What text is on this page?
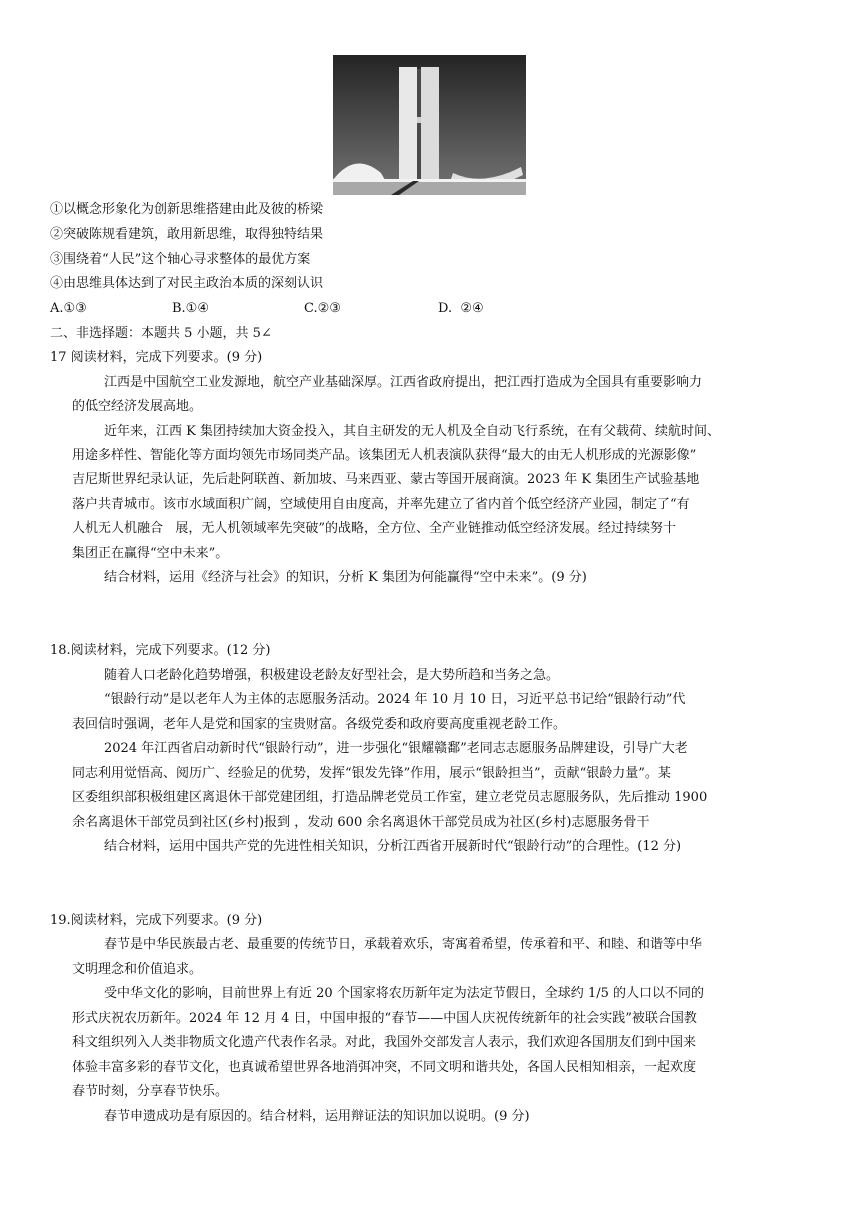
①以概念形象化为创新思维搭建由此及彼的桥梁
②突破陈规看建筑，敢用新思维，取得独特结果
③围绕着“人民”这个轴心寻求整体的最优方案
④由思维具体达到了对民主政治本质的深刻认识
A.①③	B.①④	C.②③	D.  ②④
二、非选择题：本题共 5 小题，共 5∠
17 阅读材料，完成下列要求。(9 分)
江西是中国航空工业发源地，航空产业基础深厚。江西省政府提出，把江西打造成为全国具有重要影响力
的低空经济发展高地。
近年来，江西 K 集团持续加大资金投入，其自主研发的无人机及全自动飞行系统，在有父载荷、续航时间、
用途多样性、智能化等方面均领先市场同类产品。该集团无人机表演队获得“最大的由无人机形成的光源影像”
吉尼斯世界纪录认证，先后赴阿联酋、新加坡、马来西亚、蒙古等国开展商演。2023 年 K 集团生产试验基地
落户共青城市。该市水域面积广阔，空域使用自由度高，并率先建立了省内首个低空经济产业园，制定了“有
人机无人机融合   展，无人机领域率先突破”的战略，全方位、全产业链推动低空经济发展。经过持续努十
集团正在赢得“空中未来”。
结合材料，运用《经济与社会》的知识，分析 K 集团为何能赢得“空中未来”。(9 分)
18.阅读材料，完成下列要求。(12 分)
随着人口老龄化趋势增强，积极建设老龄友好型社会，是大势所趋和当务之急。
“银龄行动”是以老年人为主体的志愿服务活动。2024 年 10 月 10 日，习近平总书记给“银龄行动”代
表回信时强调，老年人是党和国家的宝贵财富。各级党委和政府要高度重视老龄工作。
2024 年江西省启动新时代“银龄行动”，进一步强化“银耀赣鄱”老同志志愿服务品牌建设，引导广大老
同志利用觉悟高、阅历广、经验足的优势，发挥“银发先锋”作用，展示“银龄担当”，贡献“银龄力量”。某
区委组织部积极组建区离退休干部党建团组，打造品牌老党员工作室，建立老党员志愿服务队，先后推动 1900
余名离退休干部党员到社区(乡村)报到 ，发动 600 余名离退休干部党员成为社区(乡村)志愿服务骨干
结合材料，运用中国共产党的先进性相关知识，分析江西省开展新时代“银龄行动”的合理性。(12 分)
19.阅读材料，完成下列要求。(9 分)
春节是中华民族最古老、最重要的传统节日，承载着欢乐，寄寓着希望，传承着和平、和睦、和谐等中华
文明理念和价值追求。
受中华文化的影响，目前世界上有近 20 个国家将农历新年定为法定节假日，全球约 1/5 的人口以不同的
形式庆祝农历新年。2024 年 12 月 4 日，中国申报的“春节——中国人庆祝传统新年的社会实践”被联合国教
科文组织列入人类非物质文化遗产代表作名录。对此，我国外交部发言人表示，我们欢迎各国朋友们到中国来
体验丰富多彩的春节文化，也真诚希望世界各地消弭冲突，不同文明和谐共处，各国人民相知相亲，一起欢度
春节时刻，分享春节快乐。
春节申遗成功是有原因的。结合材料，运用辩证法的知识加以说明。(9 分)
